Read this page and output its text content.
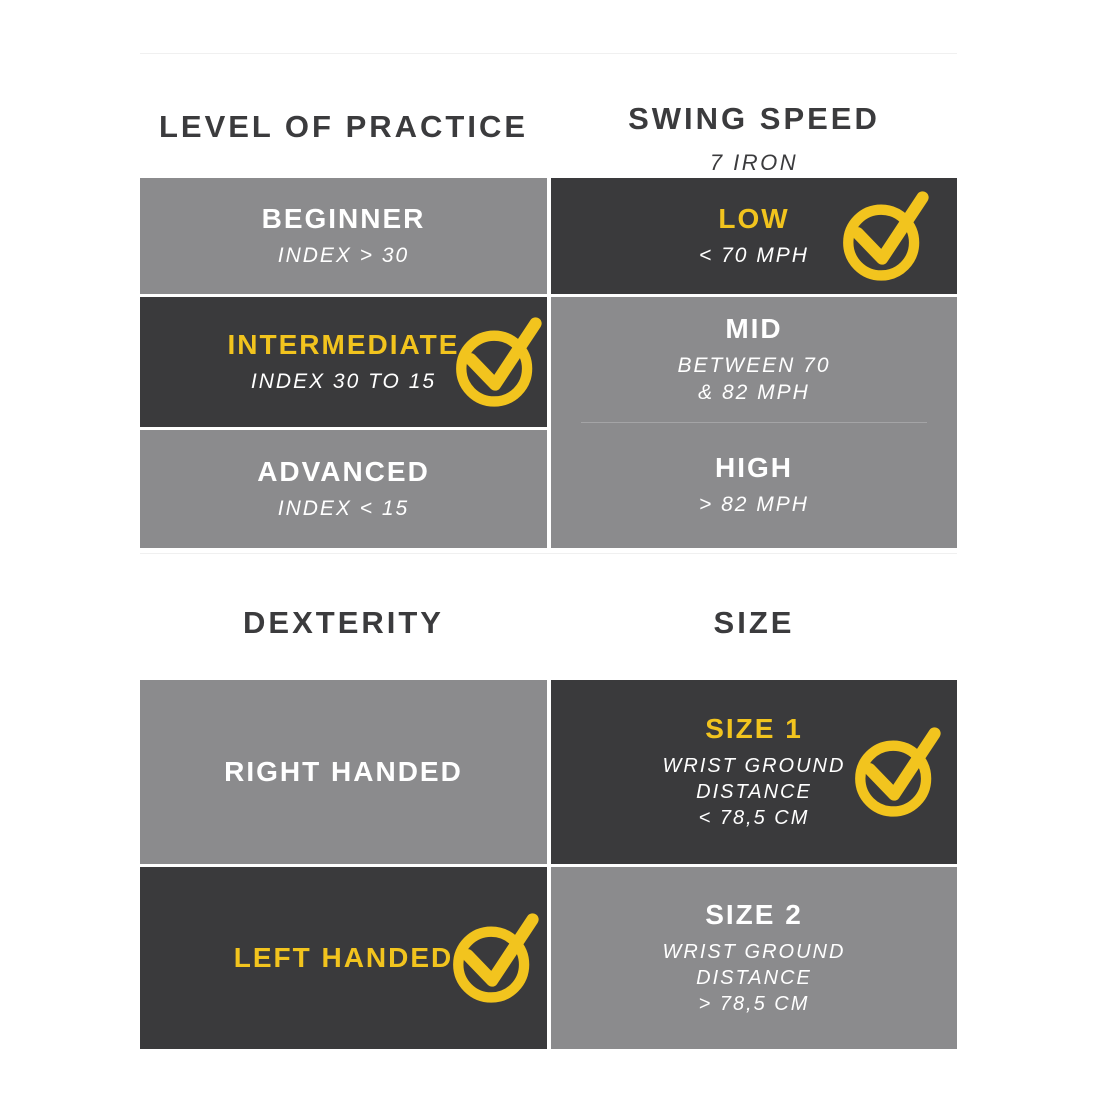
LEVEL OF PRACTICE
BEGINNER
INDEX > 30
INTERMEDIATE
INDEX 30 TO 15
ADVANCED
INDEX < 15
SWING SPEED
7 IRON
LOW
< 70 MPH
MID
BETWEEN 70
& 82 MPH
HIGH
> 82 MPH
DEXTERITY
RIGHT HANDED
LEFT HANDED
SIZE
SIZE 1
WRIST GROUND
DISTANCE
< 78,5 CM
SIZE 2
WRIST GROUND
DISTANCE
> 78,5 CM
